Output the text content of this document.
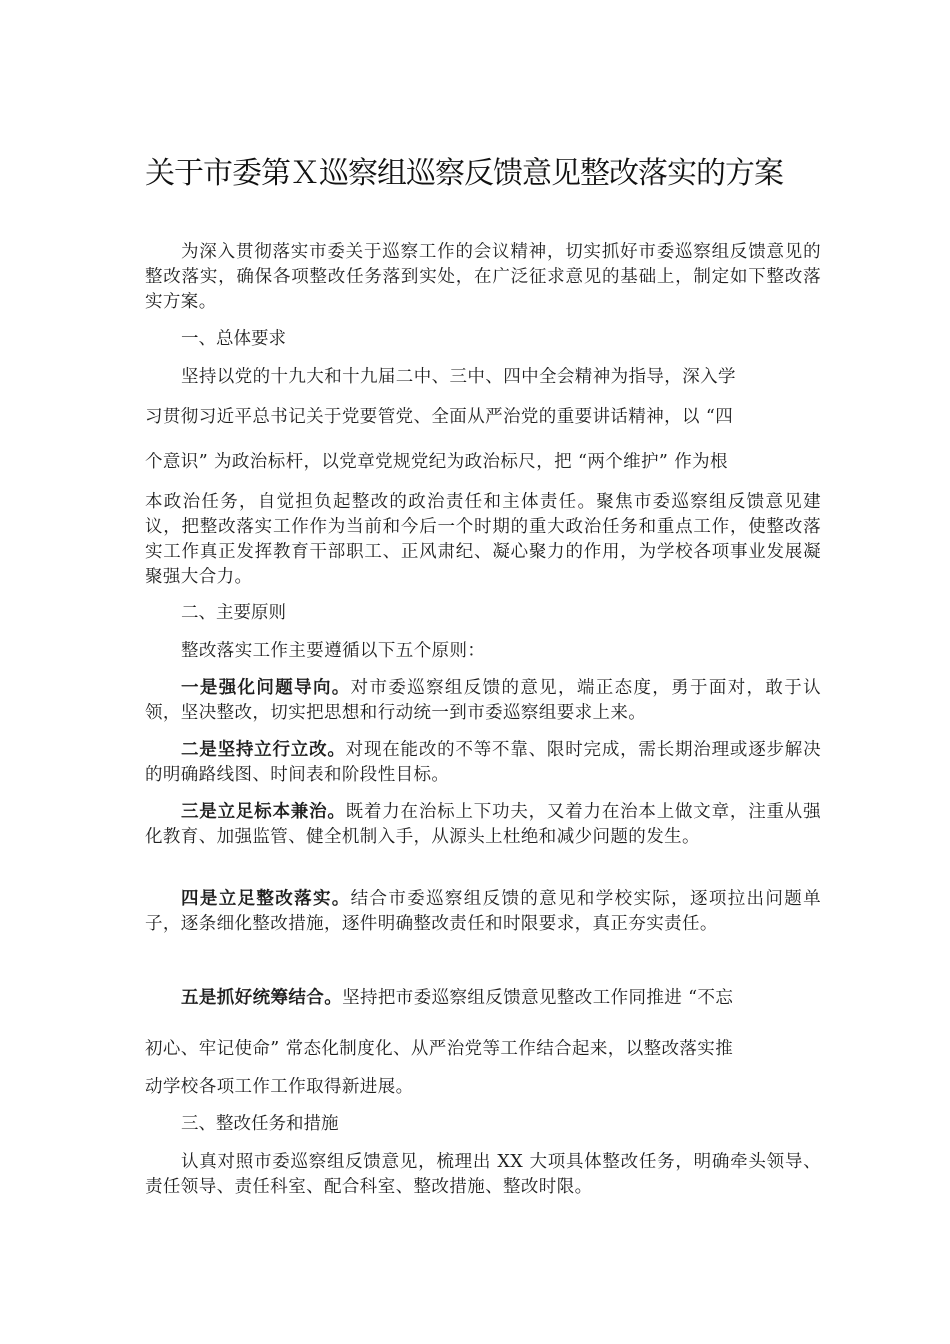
关于市委第Ｘ巡察组巡察反馈意见整改落实的方案
为深入贯彻落实市委关于巡察工作的会议精神，切实抓好市委巡察组反馈意见的整改落实，确保各项整改任务落到实处，在广泛征求意见的基础上，制定如下整改落实方案。
一、总体要求
坚持以党的十九大和十九届二中、三中、四中全会精神为指导，深入学
习贯彻习近平总书记关于党要管党、全面从严治党的重要讲话精神，以 “四
个意识” 为政治标杆，以党章党规党纪为政治标尺，把 “两个维护” 作为根
本政治任务，自觉担负起整改的政治责任和主体责任。聚焦市委巡察组反馈意见建议，把整改落实工作作为当前和今后一个时期的重大政治任务和重点工作，使整改落实工作真正发挥教育干部职工、正风肃纪、凝心聚力的作用，为学校各项事业发展凝聚强大合力。
二、主要原则
整改落实工作主要遵循以下五个原则：
一是强化问题导向。对市委巡察组反馈的意见，端正态度，勇于面对，敢于认领，坚决整改，切实把思想和行动统一到市委巡察组要求上来。
二是坚持立行立改。对现在能改的不等不靠、限时完成，需长期治理或逐步解决的明确路线图、时间表和阶段性目标。
三是立足标本兼治。既着力在治标上下功夫，又着力在治本上做文章，注重从强化教育、加强监管、健全机制入手，从源头上杜绝和减少问题的发生。
四是立足整改落实。结合市委巡察组反馈的意见和学校实际，逐项拉出问题单子，逐条细化整改措施，逐件明确整改责任和时限要求，真正夯实责任。
五是抓好统筹结合。坚持把市委巡察组反馈意见整改工作同推进 “不忘
初心、牢记使命” 常态化制度化、从严治党等工作结合起来，以整改落实推
动学校各项工作工作取得新进展。
三、整改任务和措施
认真对照市委巡察组反馈意见，梳理出 XX 大项具体整改任务，明确牵头领导、责任领导、责任科室、配合科室、整改措施、整改时限。
